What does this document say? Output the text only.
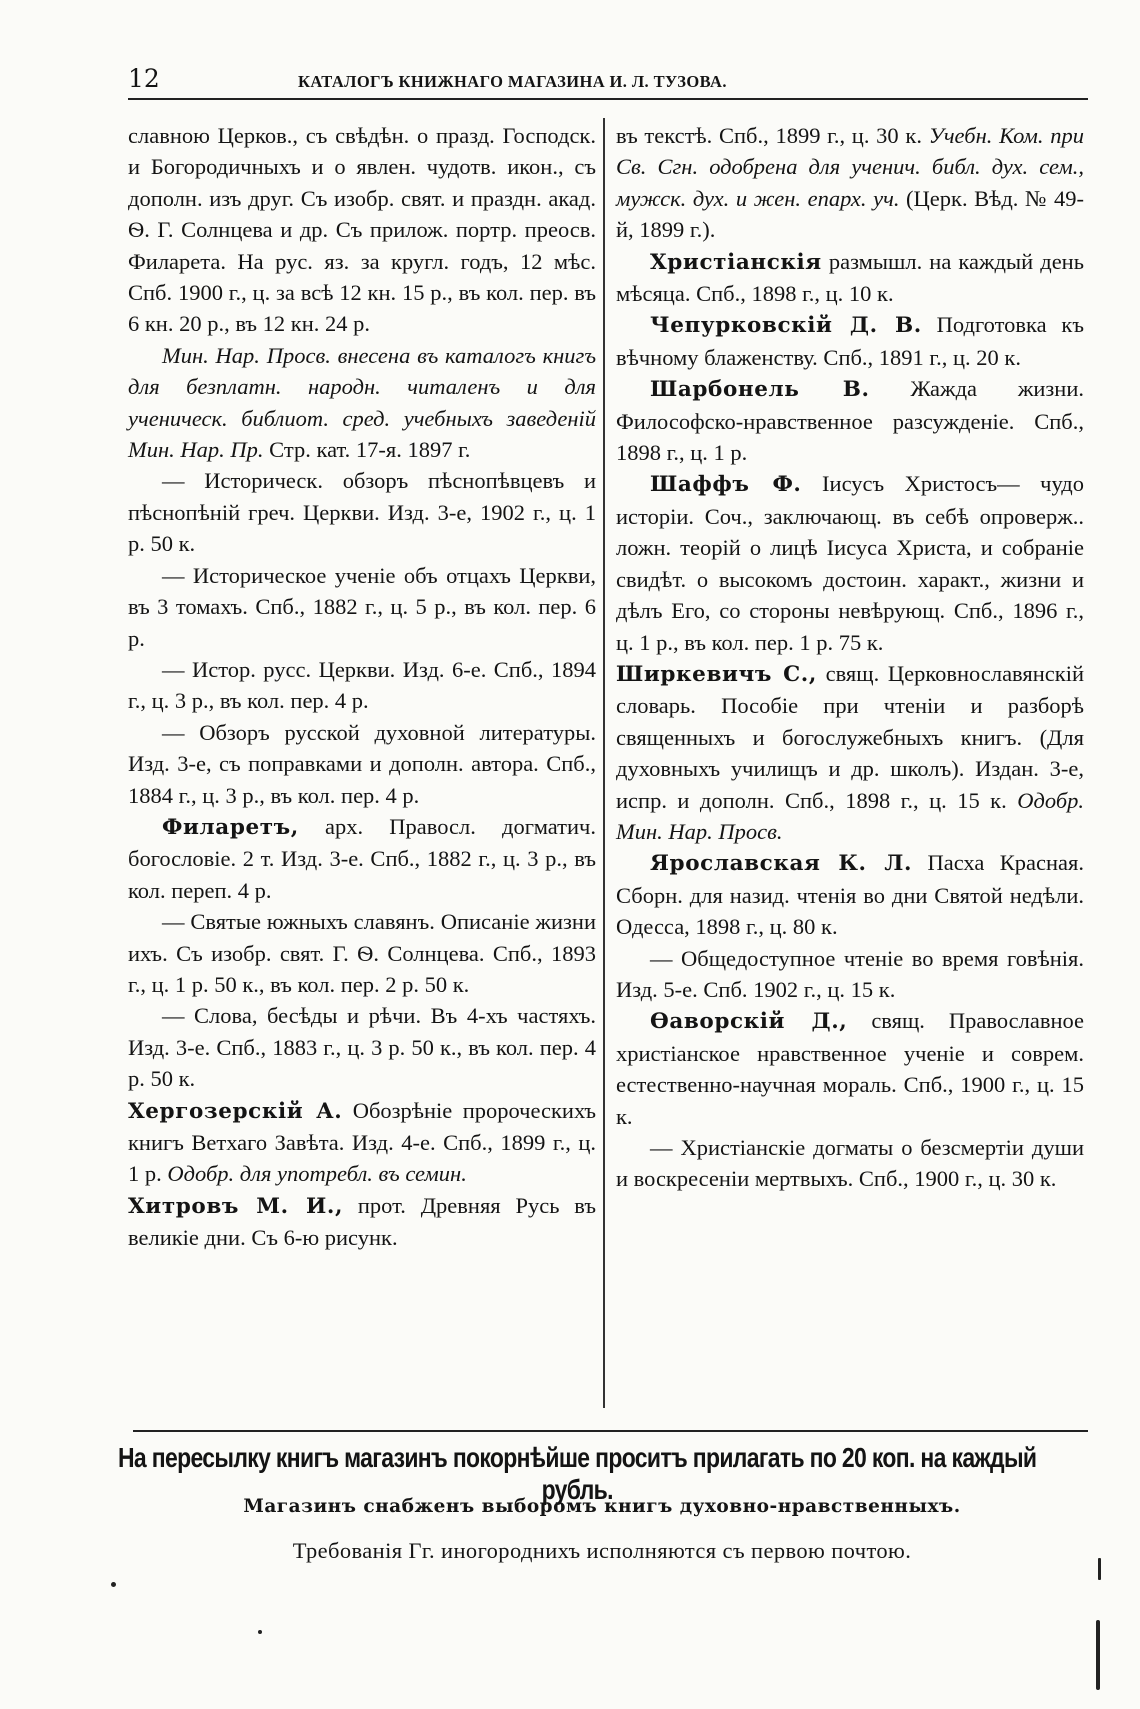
12	КАТАЛОГЪ КНИЖНАГО МАГАЗИНА И. Л. ТУЗОВА.

славною Церков., съ свѣдѣн. о празд. Господск. и Богородичныхъ и о явлен. чудотв. икон., съ дополн. изъ друг. Съ изобр. свят. и праздн. акад. Ѳ. Г. Солнцева и др. Съ прилож. портр. преосв. Филарета. На рус. яз. за кругл. годъ, 12 мѣс. Спб. 1900 г., ц. за всѣ 12 кн. 15 р., въ кол. пер. въ 6 кн. 20 р., въ 12 кн. 24 р.

Мин. Нар. Просв. внесена въ каталогъ книгъ для безплатн. народн. читаленъ и для ученическ. библиот. сред. учебныхъ заведеній Мин. Нар. Пр. Стр. кат. 17-я. 1897 г.

— Историческ. обзоръ пѣснопѣвцевъ и пѣснопѣній греч. Церкви. Изд. 3-е, 1902 г., ц. 1 р. 50 к.

— Историческое ученіе объ отцахъ Церкви, въ 3 томахъ. Спб., 1882 г., ц. 5 р., въ кол. пер. 6 р.

— Истор. русс. Церкви. Изд. 6-е. Спб., 1894 г., ц. 3 р., въ кол. пер. 4 р.

— Обзоръ русской духовной литературы. Изд. 3-е, съ поправками и дополн. автора. Спб., 1884 г., ц. 3 р., въ кол. пер. 4 р.

Филаретъ, арх. Правосл. догматич. богословіе. 2 т. Изд. 3-е. Спб., 1882 г., ц. 3 р., въ кол. переп. 4 р.

— Святые южныхъ славянъ. Описаніе жизни ихъ. Съ изобр. свят. Г. Ѳ. Солнцева. Спб., 1893 г., ц. 1 р. 50 к., въ кол. пер. 2 р. 50 к.

— Слова, бесѣды и рѣчи. Въ 4-хъ частяхъ. Изд. 3-е. Спб., 1883 г., ц. 3 р. 50 к., въ кол. пер. 4 р. 50 к.

Хергозерскій А. Обозрѣніе пророческихъ книгъ Ветхаго Завѣта. Изд. 4-е. Спб., 1899 г., ц. 1 р. Одобр. для употребл. въ семин.

Хитровъ М. И., прот. Древняя Русь въ великіе дни. Съ 6-ю рисунк.

въ текстѣ. Спб., 1899 г., ц. 30 к. Учебн. Ком. при Св. Сгн. одобрена для ученич. библ. дух. сем., мужск. дух. и жен. епарх. уч. (Церк. Вѣд. № 49-й, 1899 г.).

Христіанскія размышл. на каждый день мѣсяца. Спб., 1898 г., ц. 10 к.

Чепурковскій Д. В. Подготовка къ вѣчному блаженству. Спб., 1891 г., ц. 20 к.

Шарбонель В. Жажда жизни. Философско-нравственное разсужденіе. Спб., 1898 г., ц. 1 р.

Шаффъ Ф. Іисусъ Христосъ— чудо исторіи. Соч., заключающ. въ себѣ опроверж.. ложн. теорій о лицѣ Іисуса Христа, и собраніе свидѣт. о высокомъ достоин. характ., жизни и дѣлъ Его, со стороны невѣрующ. Спб., 1896 г., ц. 1 р., въ кол. пер. 1 р. 75 к.

Ширкевичъ С., свящ. Церковнославянскій словарь. Пособіе при чтеніи и разборѣ священныхъ и богослужебныхъ книгъ. (Для духовныхъ училищъ и др. школъ). Издан. 3-е, испр. и дополн. Спб., 1898 г., ц. 15 к. Одобр. Мин. Нар. Просв.

Ярославская К. Л. Пасха Красная. Сборн. для назид. чтенія во дни Святой недѣли. Одесса, 1898 г., ц. 80 к.

— Общедоступное чтеніе во время говѣнія. Изд. 5-е. Спб. 1902 г., ц. 15 к.

Ѳаворскій Д., свящ. Православное христіанское нравственное ученіе и соврем. естественно-научная мораль. Спб., 1900 г., ц. 15 к.

— Христіанскіе догматы о безсмертіи души и воскресеніи мертвыхъ. Спб., 1900 г., ц. 30 к.

На пересылку книгъ магазинъ покорнѣйше проситъ прилагать по 20 коп. на каждый рубль.
Магазинъ снабженъ выборомъ книгъ духовно-нравственныхъ.
Требованія Гг. иногороднихъ исполняются съ первою почтою.
